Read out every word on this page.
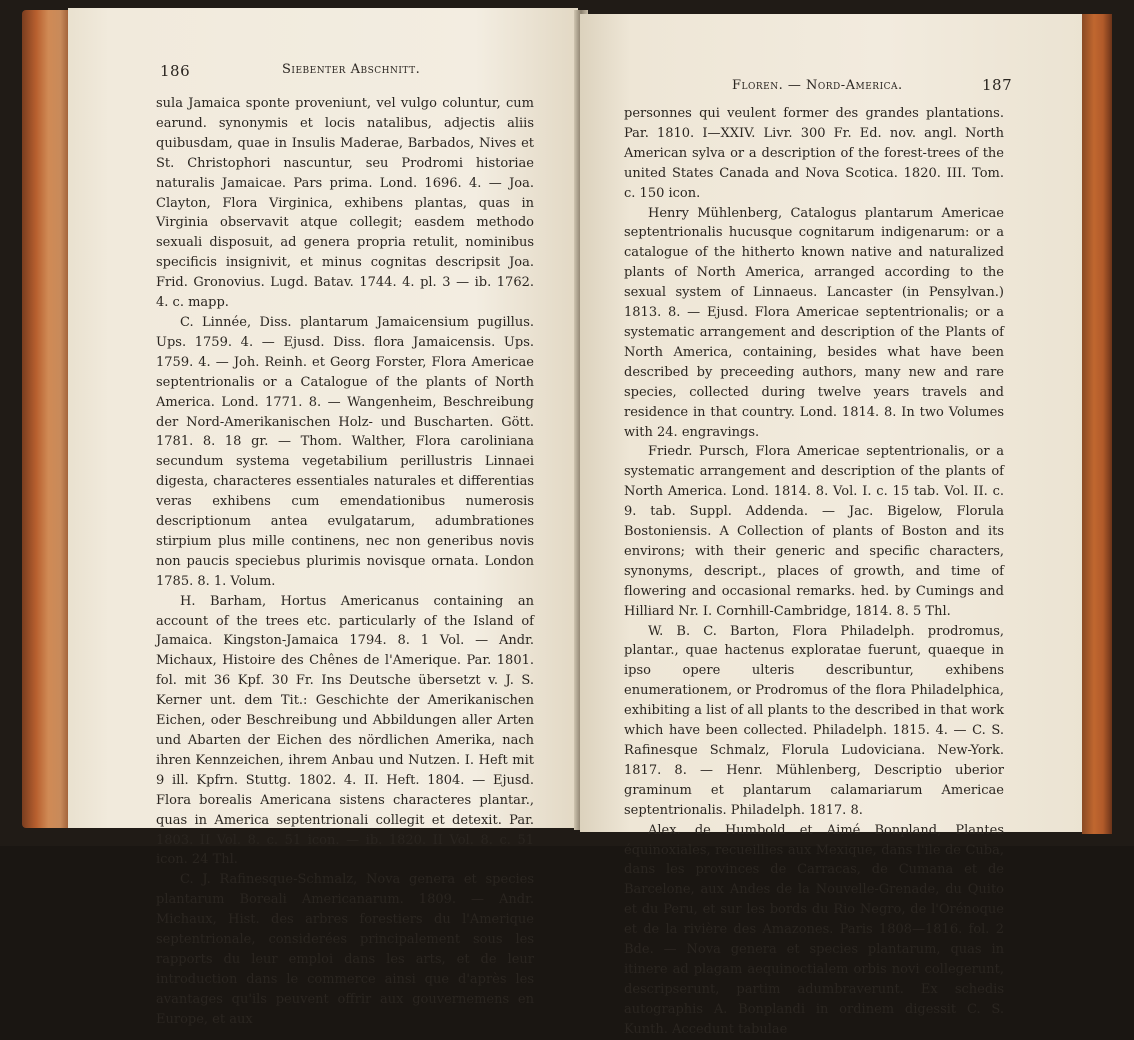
186	Siebenter Abschnitt.

sula Jamaica sponte proveniunt, vel vulgo coluntur, cum earund. synonymis et locis natalibus, adjectis aliis quibusdam, quae in Insulis Maderae, Barbados, Nives et St. Christophori nascuntur, seu Prodromi historiae naturalis Jamaicae. Pars prima. Lond. 1696. 4. — Joa. Clayton, Flora Virginica, exhibens plantas, quas in Virginia observavit atque collegit; easdem methodo sexuali disposuit, ad genera propria retulit, nominibus specificis insignivit, et minus cognitas descripsit Joa. Frid. Gronovius. Lugd. Batav. 1744. 4. pl. 3 — ib. 1762. 4. c. mapp.

C. Linnée, Diss. plantarum Jamaicensium pugillus. Ups. 1759. 4. — Ejusd. Diss. flora Jamaicensis. Ups. 1759. 4. — Joh. Reinh. et Georg Forster, Flora Americae septentrionalis or a Catalogue of the plants of North America. Lond. 1771. 8. — Wangenheim, Beschreibung der Nord-Amerikanischen Holz- und Buscharten. Gött. 1781. 8. 18 gr. — Thom. Walther, Flora caroliniana secundum systema vegetabilium perillustris Linnaei digesta, characteres essentiales naturales et differentias veras exhibens cum emendationibus numerosis descriptionum antea evulgatarum, adumbrationes stirpium plus mille continens, nec non generibus novis non paucis speciebus plurimis novisque ornata. London 1785. 8. 1. Volum.

H. Barham, Hortus Americanus containing an account of the trees etc. particularly of the Island of Jamaica. Kingston-Jamaica 1794. 8. 1 Vol. — Andr. Michaux, Histoire des Chênes de l'Amerique. Par. 1801. fol. mit 36 Kpf. 30 Fr. Ins Deutsche übersetzt v. J. S. Kerner unt. dem Tit.: Geschichte der Amerikanischen Eichen, oder Beschreibung und Abbildungen aller Arten und Abarten der Eichen des nördlichen Amerika, nach ihren Kennzeichen, ihrem Anbau und Nutzen. I. Heft mit 9 ill. Kpfrn. Stuttg. 1802. 4. II. Heft. 1804. — Ejusd. Flora borealis Americana sistens characteres plantar., quas in America septentrionali collegit et detexit. Par. 1803. II Vol. 8. c. 51 icon. — ib. 1820. II Vol. 8. c. 51 icon. 24 Thl.

C. J. Rafinesque-Schmalz, Nova genera et species plantarum Boreali Americanarum. 1809. — Andr. Michaux, Hist. des arbres forestiers du l'Amerique septentrionale, considerées principalement sous les rapports du leur emploi dans les arts, et de leur introduction dans le commerce ainsi que d'après les avantages qu'ils peuvent offrir aux gouvernemens en Europe, et aux

Floren. — Nord-America.	187

personnes qui veulent former des grandes plantations. Par. 1810. I—XXIV. Livr. 300 Fr. Ed. nov. angl. North American sylva or a description of the forest-trees of the united States Canada and Nova Scotica. 1820. III. Tom. c. 150 icon.

Henry Mühlenberg, Catalogus plantarum Americae septentrionalis hucusque cognitarum indigenarum: or a catalogue of the hitherto known native and naturalized plants of North America, arranged according to the sexual system of Linnaeus. Lancaster (in Pensylvan.) 1813. 8. — Ejusd. Flora Americae septentrionalis; or a systematic arrangement and description of the Plants of North America, containing, besides what have been described by preceeding authors, many new and rare species, collected during twelve years travels and residence in that country. Lond. 1814. 8. In two Volumes with 24. engravings.

Friedr. Pursch, Flora Americae septentrionalis, or a systematic arrangement and description of the plants of North America. Lond. 1814. 8. Vol. I. c. 15 tab. Vol. II. c. 9. tab. Suppl. Addenda. — Jac. Bigelow, Florula Bostoniensis. A Collection of plants of Boston and its environs; with their generic and specific characters, synonyms, descript., places of growth, and time of flowering and occasional remarks. hed. by Cumings and Hilliard Nr. I. Cornhill-Cambridge, 1814. 8. 5 Thl.

W. B. C. Barton, Flora Philadelph. prodromus, plantar., quae hactenus exploratae fuerunt, quaeque in ipso opere ulteris describuntur, exhibens enumerationem, or Prodromus of the flora Philadelphica, exhibiting a list of all plants to the described in that work which have been collected. Philadelph. 1815. 4. — C. S. Rafinesque Schmalz, Florula Ludoviciana. New-York. 1817. 8. — Henr. Mühlenberg, Descriptio uberior graminum et plantarum calamariarum Americae septentrionalis. Philadelph. 1817. 8.

Alex. de Humbold et Aimé Bonpland, Plantes équinoxiales, recueillies aux Mexique, dans l'ile de Cuba, dans les provinces de Carracas, de Cumana et de Barcelone, aux Andes de la Nouvelle-Grenade, du Quito et du Peru, et sur les bords du Rio Negro, de l'Orénoque et de la rivière des Amazones. Paris 1808—1816. fol. 2 Bde. — Nova genera et species plantarum, quas in itinere ad plagam aequinoctialem orbis novi collegerunt, descripserunt, partim adumbraverunt. Ex schedis autographis A. Bonplandi in ordinem digessit C. S. Kunth. Accedunt tabulae
